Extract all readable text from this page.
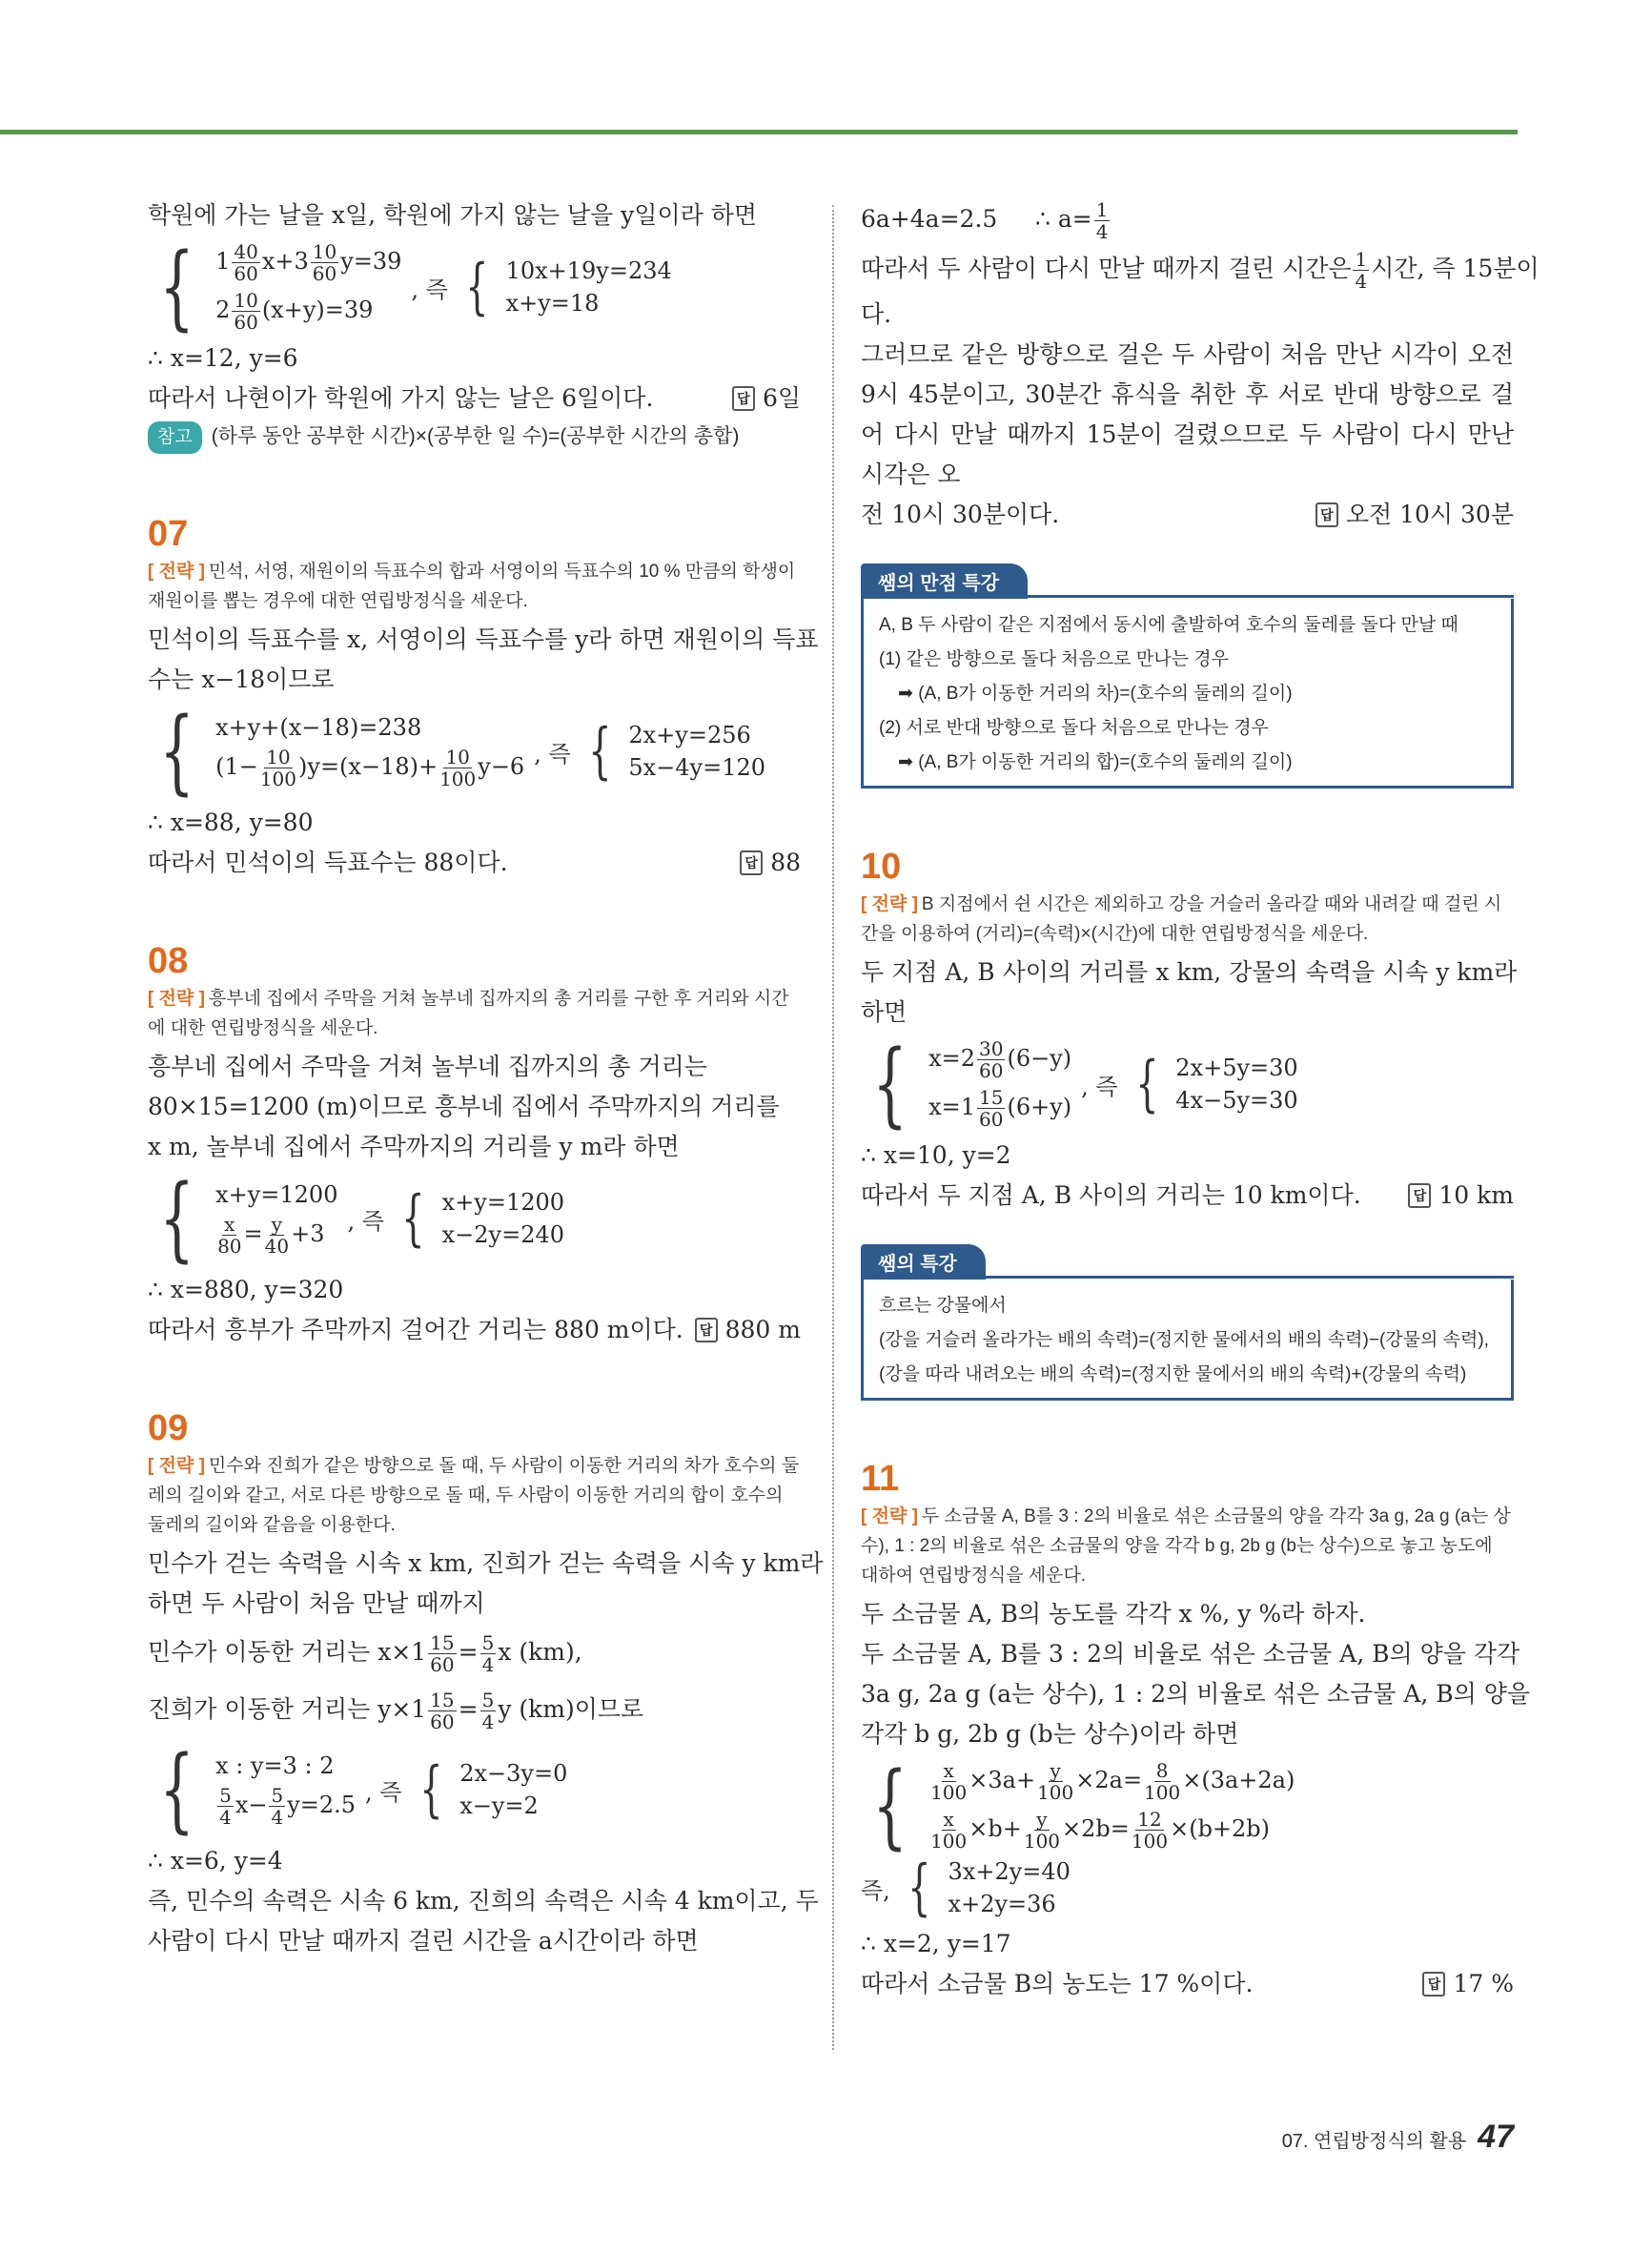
학원에 가는 날을 x일, 학원에 가지 않는 날을 y일이라 하면

{ $1 \frac{40}{60} x+3 \frac{10}{60} y=39$
$2 \frac{10}{60} (x+y)=39$
, 즉 { 10x+19y=234
x+y=18

∴ x=12, y=6

따라서 나현이가 학원에 가지 않는 날은 6일이다.	답 6일

참고 (하루 동안 공부한 시간)×(공부한 일 수)=(공부한 시간의 총합)

07

[ 전략 ] 민석, 서영, 재원이의 득표수의 합과 서영이의 득표수의 10 % 만큼의 학생이 재원이를 뽑는 경우에 대한 연립방정식을 세운다.

민석이의 득표수를 x, 서영이의 득표수를 y라 하면 재원이의 득표

수는 x−18이므로

{ x+y+(x−18)=238
$(1- \frac{10}{100} )y=(x-18)+ \frac{10}{100} y-6$ , 즉 { 2x+y=256
5x−4y=120

∴ x=88, y=80

따라서 민석이의 득표수는 88이다.	답 88

08

[ 전략 ] 흥부네 집에서 주막을 거쳐 놀부네 집까지의 총 거리를 구한 후 거리와 시간에 대한 연립방정식을 세운다.

흥부네 집에서 주막을 거쳐 놀부네 집까지의 총 거리는

80×15=1200 (m)이므로 흥부네 집에서 주막까지의 거리를

x m, 놀부네 집에서 주막까지의 거리를 y m라 하면

{ x+y=1200
$\frac{x}{80} = \frac{y}{40} +3$ , 즉 { x+y=1200
x−2y=240

∴ x=880, y=320

따라서 흥부가 주막까지 걸어간 거리는 880 m이다.	답 880 m

09

[ 전략 ] 민수와 진희가 같은 방향으로 돌 때, 두 사람이 이동한 거리의 차가 호수의 둘레의 길이와 같고, 서로 다른 방향으로 돌 때, 두 사람이 이동한 거리의 합이 호수의 둘레의 길이와 같음을 이용한다.

민수가 걷는 속력을 시속 x km, 진희가 걷는 속력을 시속 y km라

하면 두 사람이 처음 만날 때까지

민수가 이동한 거리는 $x\times 1 \frac{15}{60} = \frac{5}{4}$ x (km),

진희가 이동한 거리는 $y\times 1 \frac{15}{60} = \frac{5}{4}$ y (km)이므로

{ x : y=3 : 2
$\frac{5}{4} x- \frac{5}{4} y=2.5$ , 즉 { 2x−3y=0
x−y=2

∴ x=6, y=4

즉, 민수의 속력은 시속 6 km, 진희의 속력은 시속 4 km이고, 두

사람이 다시 만날 때까지 걸린 시간을 a시간이라 하면

6a+4a=2.5 ∴ $a= \frac{1}{4}$

따라서 두 사람이 다시 만날 때까지 걸린 시간은 $\frac{1}{4}$ 시간, 즉 15분이

다.

그러므로 같은 방향으로 걸은 두 사람이 처음 만난 시각이 오전 9시 45분이고, 30분간 휴식을 취한 후 서로 반대 방향으로 걸어 다시 만날 때까지 15분이 걸렸으므로 두 사람이 다시 만난 시각은 오

전 10시 30분이다.	답 오전 10시 30분
쌤의 만점 특강

A, B 두 사람이 같은 지점에서 동시에 출발하여 호수의 둘레를 돌다 만날 때

(1) 같은 방향으로 돌다 처음으로 만나는 경우

➡ (A, B가 이동한 거리의 차)=(호수의 둘레의 길이)

(2) 서로 반대 방향으로 돌다 처음으로 만나는 경우

➡ (A, B가 이동한 거리의 합)=(호수의 둘레의 길이)

10

[ 전략 ] B 지점에서 쉰 시간은 제외하고 강을 거슬러 올라갈 때와 내려갈 때 걸린 시간을 이용하여 (거리)=(속력)×(시간)에 대한 연립방정식을 세운다.

두 지점 A, B 사이의 거리를 x km, 강물의 속력을 시속 y km라

하면

{ $x=2 \frac{30}{60} (6-y)$
$x=1 \frac{15}{60} (6+y)$
, 즉 { 2x+5y=30
4x−5y=30

∴ x=10, y=2

따라서 두 지점 A, B 사이의 거리는 10 km이다.	답 10 km
쌤의 특강

흐르는 강물에서

(강을 거슬러 올라가는 배의 속력)=(정지한 물에서의 배의 속력)−(강물의 속력),

(강을 따라 내려오는 배의 속력)=(정지한 물에서의 배의 속력)+(강물의 속력)

11

[ 전략 ] 두 소금물 A, B를 3 : 2의 비율로 섞은 소금물의 양을 각각 3a g, 2a g (a는 상수), 1 : 2의 비율로 섞은 소금물의 양을 각각 b g, 2b g (b는 상수)으로 놓고 농도에 대하여 연립방정식을 세운다.

두 소금물 A, B의 농도를 각각 x %, y %라 하자.

두 소금물 A, B를 3 : 2의 비율로 섞은 소금물 A, B의 양을 각각

3a g, 2a g (a는 상수), 1 : 2의 비율로 섞은 소금물 A, B의 양을

각각 b g, 2b g (b는 상수)이라 하면

{ $\frac{x}{100} \times 3a+ \frac{y}{100} \times 2a= \frac{8}{100} \times(3a+2a)$
$\frac{x}{100} \times b+ \frac{y}{100} \times 2b= \frac{12}{100} \times(b+2b)$
즉, { 3x+2y=40
x+2y=36

∴ x=2, y=17

따라서 소금물 B의 농도는 17 %이다.	답 17 %
07. 연립방정식의 활용 47
